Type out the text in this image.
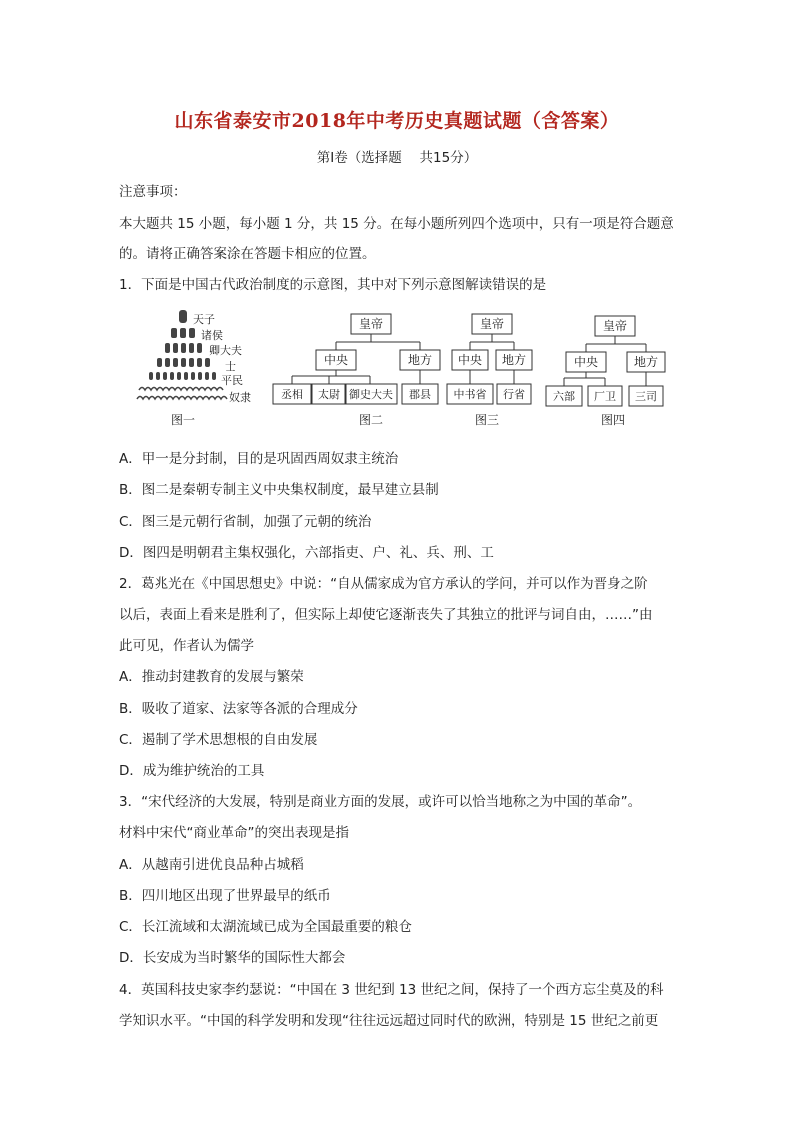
山东省泰安市2018年中考历史真题试题（含答案）
第Ⅰ卷（选择题　 共15分）
注意事项：
本大题共 15 小题，每小题 1 分，共 15 分。在每小题所列四个选项中，只有一项是符合题意
的。请将正确答案涂在答题卡相应的位置。
1．下面是中国古代政治制度的示意图，其中对下列示意图解读错误的是
天子
诸侯
卿大夫
士
平民
奴隶
图一
皇帝
中央	地方
丞相 太尉 御史大夫 郡县
图二
皇帝
中央 地方
中书省 行省
图三
皇帝
中央	地方
六部 厂卫 三司
图四
A．甲一是分封制，目的是巩固西周奴隶主统治
B．图二是秦朝专制主义中央集权制度，最早建立县制
C．图三是元朝行省制，加强了元朝的统治
D．图四是明朝君主集权强化，六部指吏、户、礼、兵、刑、工
2．葛兆光在《中国思想史》中说：“自从儒家成为官方承认的学问，并可以作为晋身之阶
以后，表面上看来是胜利了，但实际上却使它逐渐丧失了其独立的批评与词自由，……”由
此可见，作者认为儒学
A．推动封建教育的发展与繁荣
B．吸收了道家、法家等各派的合理成分
C．遏制了学术思想根的自由发展
D．成为维护统治的工具
3．“宋代经济的大发展，特别是商业方面的发展，或许可以恰当地称之为中国的革命”。
材料中宋代“商业革命”的突出表现是指
A．从越南引进优良品种占城稻
B．四川地区出现了世界最早的纸币
C．长江流域和太湖流域已成为全国最重要的粮仓
D．长安成为当时繁华的国际性大都会
4．英国科技史家李约瑟说：“中国在 3 世纪到 13 世纪之间，保持了一个西方忘尘莫及的科
学知识水平。“中国的科学发明和发现“往往远远超过同时代的欧洲，特别是 15 世纪之前更
